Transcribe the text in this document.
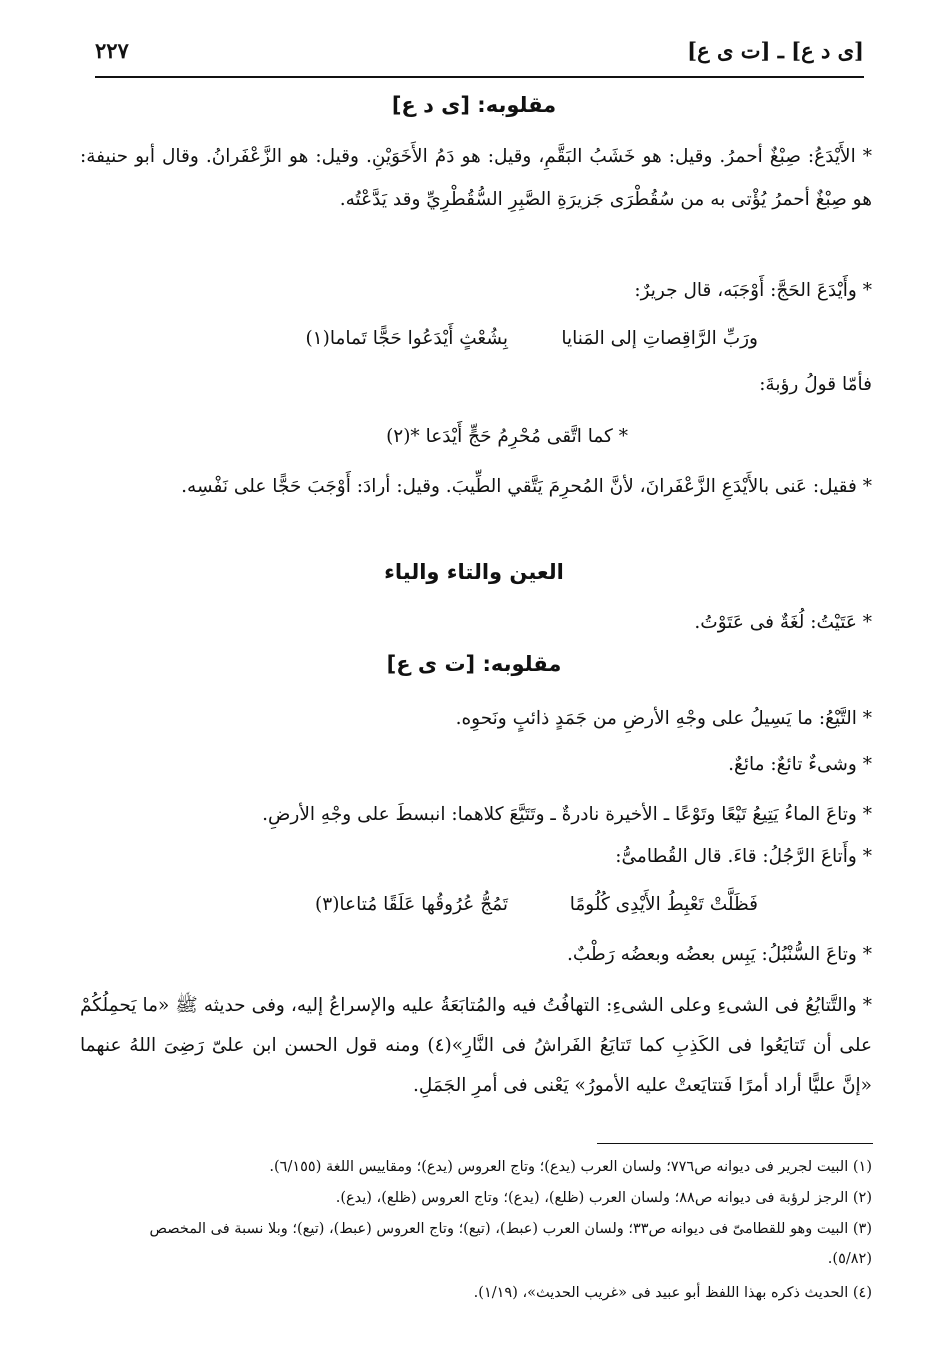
[ى د ع] ـ [ت ى ع]
٢٢٧
مقلوبه: [ى د ع]
* الأَيْدَعُ: صِبْغٌ أحمرُ. وقيل: هو خَشَبُ البَقَّمِ، وقيل: هو دَمُ الأَخَوَيْنِ. وقيل: هو الزَّعْفَرانُ. وقال أبو حنيفة: هو صِبْغٌ أحمرُ يُؤْتى به من سُقُطْرَى جَزيرَةِ الصَّبِرِ السُّقُطْرِيِّ وقد يَدَّعْتُه.
* وأَيْدَعَ الحَجَّ: أَوْجَبَه، قال جريرٌ:
ورَبِّ الرَّاقِصاتِ إلى المَنايا
بِشُعْثٍ أَيْدَعُوا حَجًّا تَماما(١)
فأمّا قولُ رؤبةَ:
* كما اتَّقى مُحْرِمُ حَجٍّ أَيْدَعا *(٢)
* فقيل: عَنى بالأَيْدَعِ الزَّعْفَرانَ، لأنَّ المُحرِمَ يَتَّقي الطِّيبَ. وقيل: أرادَ: أَوْجَبَ حَجًّا على نَفْسِه.
العين والتاء والياء
* عَتَيْتُ: لُغَةٌ فى عَتَوْتُ.
مقلوبه: [ت ى ع]
* التَّيْعُ: ما يَسِيلُ على وجْهِ الأرضِ من جَمَدٍ ذائبٍ ونَحوِه.
* وشىءٌ تائعٌ: مائعٌ.
* وتاعَ الماءُ يَتِيعُ تَيْعًا وتَوْعًا ـ الأخيرة نادرةٌ ـ وتَتَيَّعَ كلاهما: انبسطَ على وجْهِ الأرضِ.
* وأَتاعَ الرَّجُلُ: قاءَ. قال القُطامىُّ:
فَظَلَّتْ تَعْبِطُ الأَيْدِى كُلُومًا
تَمُجُّ عُرُوقُها عَلَقًا مُتاعا(٣)
* وتاعَ السُّنْبُلُ: يَبِس بعضُه وبعضُه رَطْبٌ.
* والتَّتايُعُ فى الشىءِ وعلى الشىءِ: التهافُتُ فيه والمُتابَعَةُ عليه والإسراعُ إليه، وفى حديثه ﷺ «ما يَحمِلُكُمْ على أن تَتايَعُوا فى الكَذِبِ كما تَتايَعُ الفَراشُ فى النَّارِ»(٤) ومنه قول الحسن ابن علىّ رَضِىَ اللهُ عنهما «إنَّ عليًّا أراد أمرًا فَتتايَعتْ عليه الأمورُ» يَعْنى فى أمرِ الجَمَلِ.
(١) البيت لجرير فى ديوانه ص٧٧٦؛ ولسان العرب (يدع)؛ وتاج العروس (يدع)؛ ومقاييس اللغة (٦/١٥٥).
(٢) الرجز لرؤبة فى ديوانه ص٨٨؛ ولسان العرب (ظلع)، (يدع)؛ وتاج العروس (ظلع)، (يدع).
(٣) البيت وهو للقطامىّ فى ديوانه ص٣٣؛ ولسان العرب (عبط)، (تيع)؛ وتاج العروس (عبط)، (تيع)؛ وبلا نسبة فى المخصص (٥/٨٢).
(٤) الحديث ذكره بهذا اللفظ أبو عبيد فى «غريب الحديث»، (١/١٩).
